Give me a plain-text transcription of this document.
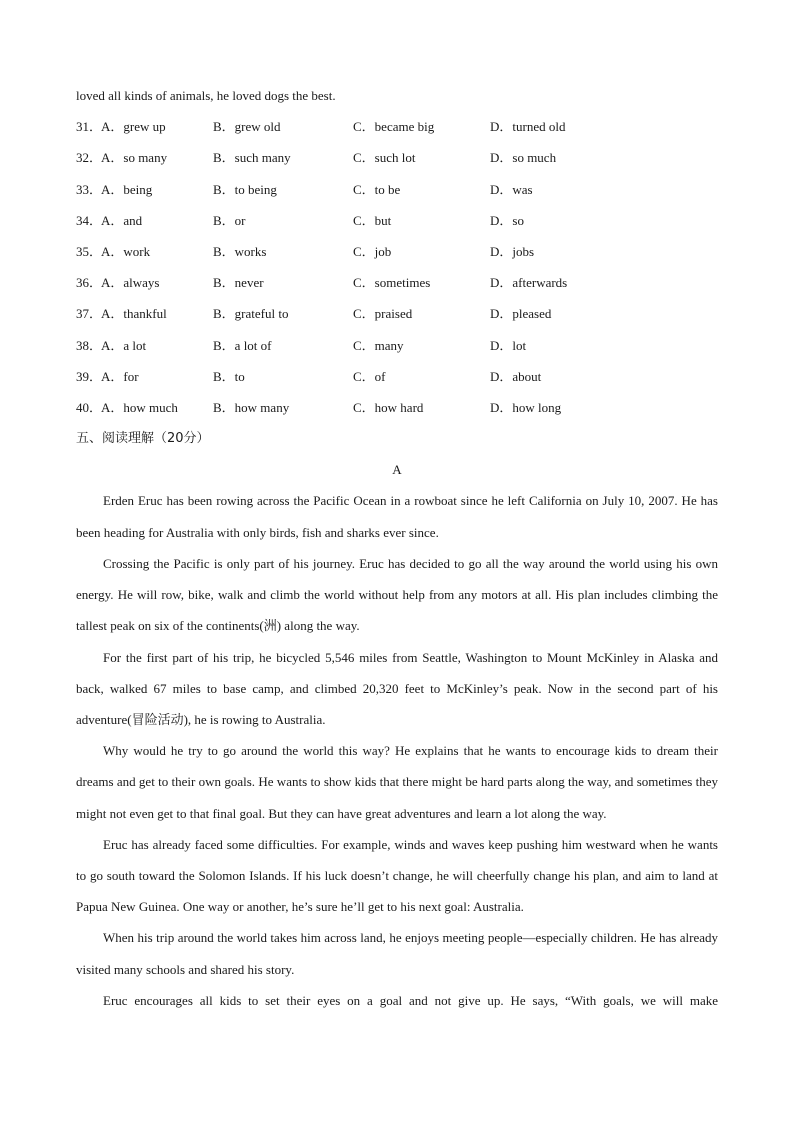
loved all kinds of animals, he loved dogs the best.
31．
A．grew up	B．grew old	C．became big	D．turned old
32．
A．so many	B．such many	C．such lot	D．so much
33．
A．being	B．to being	C．to be	D．was
34．
A．and	B．or	C．but	D．so
35．
A．work	B．works	C．job	D．jobs
36．
A．always	B．never	C．sometimes	D．afterwards
37．
A．thankful	B．grateful to	C．praised	D．pleased
38．
A．a lot	B．a lot of	C．many	D．lot
39．
A．for	B．to	C．of	D．about
40．
A．how much	B．how many	C．how hard	D．how long
五、阅读理解（20分）
A

Erden Eruc has been rowing across the Pacific Ocean in a rowboat since he left California on July 10, 2007. He has been heading for Australia with only birds, fish and sharks ever since.

Crossing the Pacific is only part of his journey. Eruc has decided to go all the way around the world using his own energy. He will row, bike, walk and climb the world without help from any motors at all. His plan includes climbing the tallest peak on six of the continents(洲) along the way.

For the first part of his trip, he bicycled 5,546 miles from Seattle, Washington to Mount McKinley in Alaska and back, walked 67 miles to base camp, and climbed 20,320 feet to McKinley’s peak. Now in the second part of his adventure(冒险活动), he is rowing to Australia.

Why would he try to go around the world this way? He explains that he wants to encourage kids to dream their dreams and get to their own goals. He wants to show kids that there might be hard parts along the way, and sometimes they might not even get to that final goal. But they can have great adventures and learn a lot along the way.

Eruc has already faced some difficulties. For example, winds and waves keep pushing him westward when he wants to go south toward the Solomon Islands. If his luck doesn’t change, he will cheerfully change his plan, and aim to land at Papua New Guinea. One way or another, he’s sure he’ll get to his next goal: Australia.

When his trip around the world takes him across land, he enjoys meeting people—especially children. He has already visited many schools and shared his story.

Eruc encourages all kids to set their eyes on a goal and not give up. He says, “With goals, we will make
